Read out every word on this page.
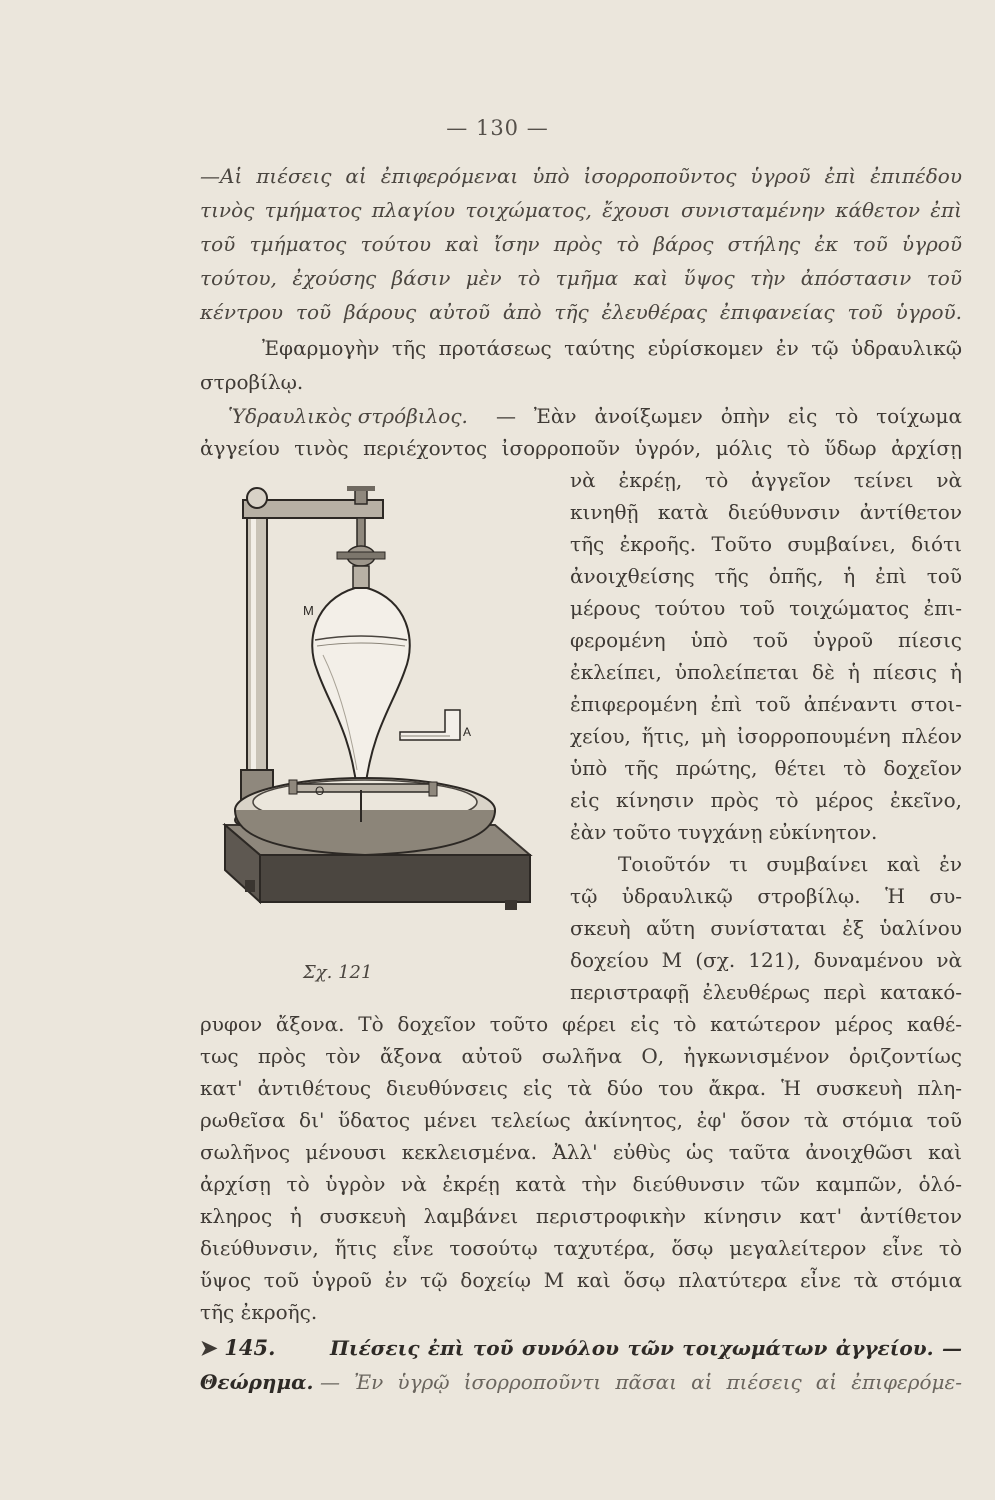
— 130 —
—Αἱ πιέσεις αἱ ἐπιφερόμεναι ὑπὸ ἰσορροποῦντος ὑγροῦ ἐπὶ ἐπιπέδου
τινὸς τμήματος πλαγίου τοιχώματος, ἔχουσι συνισταμένην κάθετον ἐπὶ
τοῦ τμήματος τούτου καὶ ἴσην πρὸς τὸ βάρος στήλης ἐκ τοῦ ὑγροῦ
τούτου, ἐχούσης βάσιν μὲν τὸ τμῆμα καὶ ὕψος τὴν ἀπόστασιν τοῦ
κέντρου τοῦ βάρους αὐτοῦ ἀπὸ τῆς ἐλευθέρας ἐπιφανείας τοῦ ὑγροῦ.
Ἐφαρμογὴν τῆς προτάσεως ταύτης εὑρίσκομεν ἐν τῷ ὑδραυλικῷ
στροβίλῳ.
Ὑδραυλικὸς στρόβιλος. — Ἐὰν ἀνοίξωμεν ὀπὴν εἰς τὸ τοίχωμα
ἀγγείου τινὸς περιέχοντος ἰσορροποῦν ὑγρόν, μόλις τὸ ὕδωρ ἀρχίσῃ
νὰ ἐκρέῃ, τὸ ἀγγεῖον τείνει νὰ
κινηθῇ κατὰ διεύθυνσιν ἀντίθετον
τῆς ἐκροῆς. Τοῦτο συμβαίνει, διότι
ἀνοιχθείσης τῆς ὀπῆς, ἡ ἐπὶ τοῦ
μέρους τούτου τοῦ τοιχώματος ἐπι-
φερομένη ὑπὸ τοῦ ὑγροῦ πίεσις
ἐκλείπει, ὑπολείπεται δὲ ἡ πίεσις ἡ
ἐπιφερομένη ἐπὶ τοῦ ἀπέναντι στοι-
χείου, ἥτις, μὴ ἰσορροπουμένη πλέον
ὑπὸ τῆς πρώτης, θέτει τὸ δοχεῖον
εἰς κίνησιν πρὸς τὸ μέρος ἐκεῖνο,
ἐὰν τοῦτο τυγχάνῃ εὐκίνητον.
Τοιοῦτόν τι συμβαίνει καὶ ἐν
τῷ ὑδραυλικῷ στροβίλῳ. Ἡ συ-
σκευὴ αὕτη συνίσταται ἐξ ὑαλίνου
δοχείου Μ (σχ. 121), δυναμένου νὰ
περιστραφῇ ἐλευθέρως περὶ κατακό-
ρυφον ἄξονα. Τὸ δοχεῖον τοῦτο φέρει εἰς τὸ κατώτερον μέρος καθέ-
τως πρὸς τὸν ἄξονα αὐτοῦ σωλῆνα Ο, ἠγκωνισμένον ὁριζοντίως
κατ' ἀντιθέτους διευθύνσεις εἰς τὰ δύο του ἄκρα. Ἡ συσκευὴ πλη-
ρωθεῖσα δι' ὕδατος μένει τελείως ἀκίνητος, ἐφ' ὅσον τὰ στόμια τοῦ
σωλῆνος μένουσι κεκλεισμένα. Ἀλλ' εὐθὺς ὡς ταῦτα ἀνοιχθῶσι καὶ
ἀρχίσῃ τὸ ὑγρὸν νὰ ἐκρέῃ κατὰ τὴν διεύθυνσιν τῶν καμπῶν, ὁλό-
κληρος ἡ συσκευὴ λαμβάνει περιστροφικὴν κίνησιν κατ' ἀντίθετον
διεύθυνσιν, ἥτις εἶνε τοσούτῳ ταχυτέρα, ὅσῳ μεγαλείτερον εἶνε τὸ
ὕψος τοῦ ὑγροῦ ἐν τῷ δοχείῳ Μ καὶ ὅσῳ πλατύτερα εἶνε τὰ στόμια
τῆς ἐκροῆς.
➤ 145.	Πιέσεις ἐπὶ τοῦ συνόλου τῶν τοιχωμάτων ἀγγείου. —
Θεώρημα. — Ἐν ὑγρῷ ἰσορροποῦντι πᾶσαι αἱ πιέσεις αἱ ἐπιφερόμε-
Μ
Α
Ο
Σχ. 121
